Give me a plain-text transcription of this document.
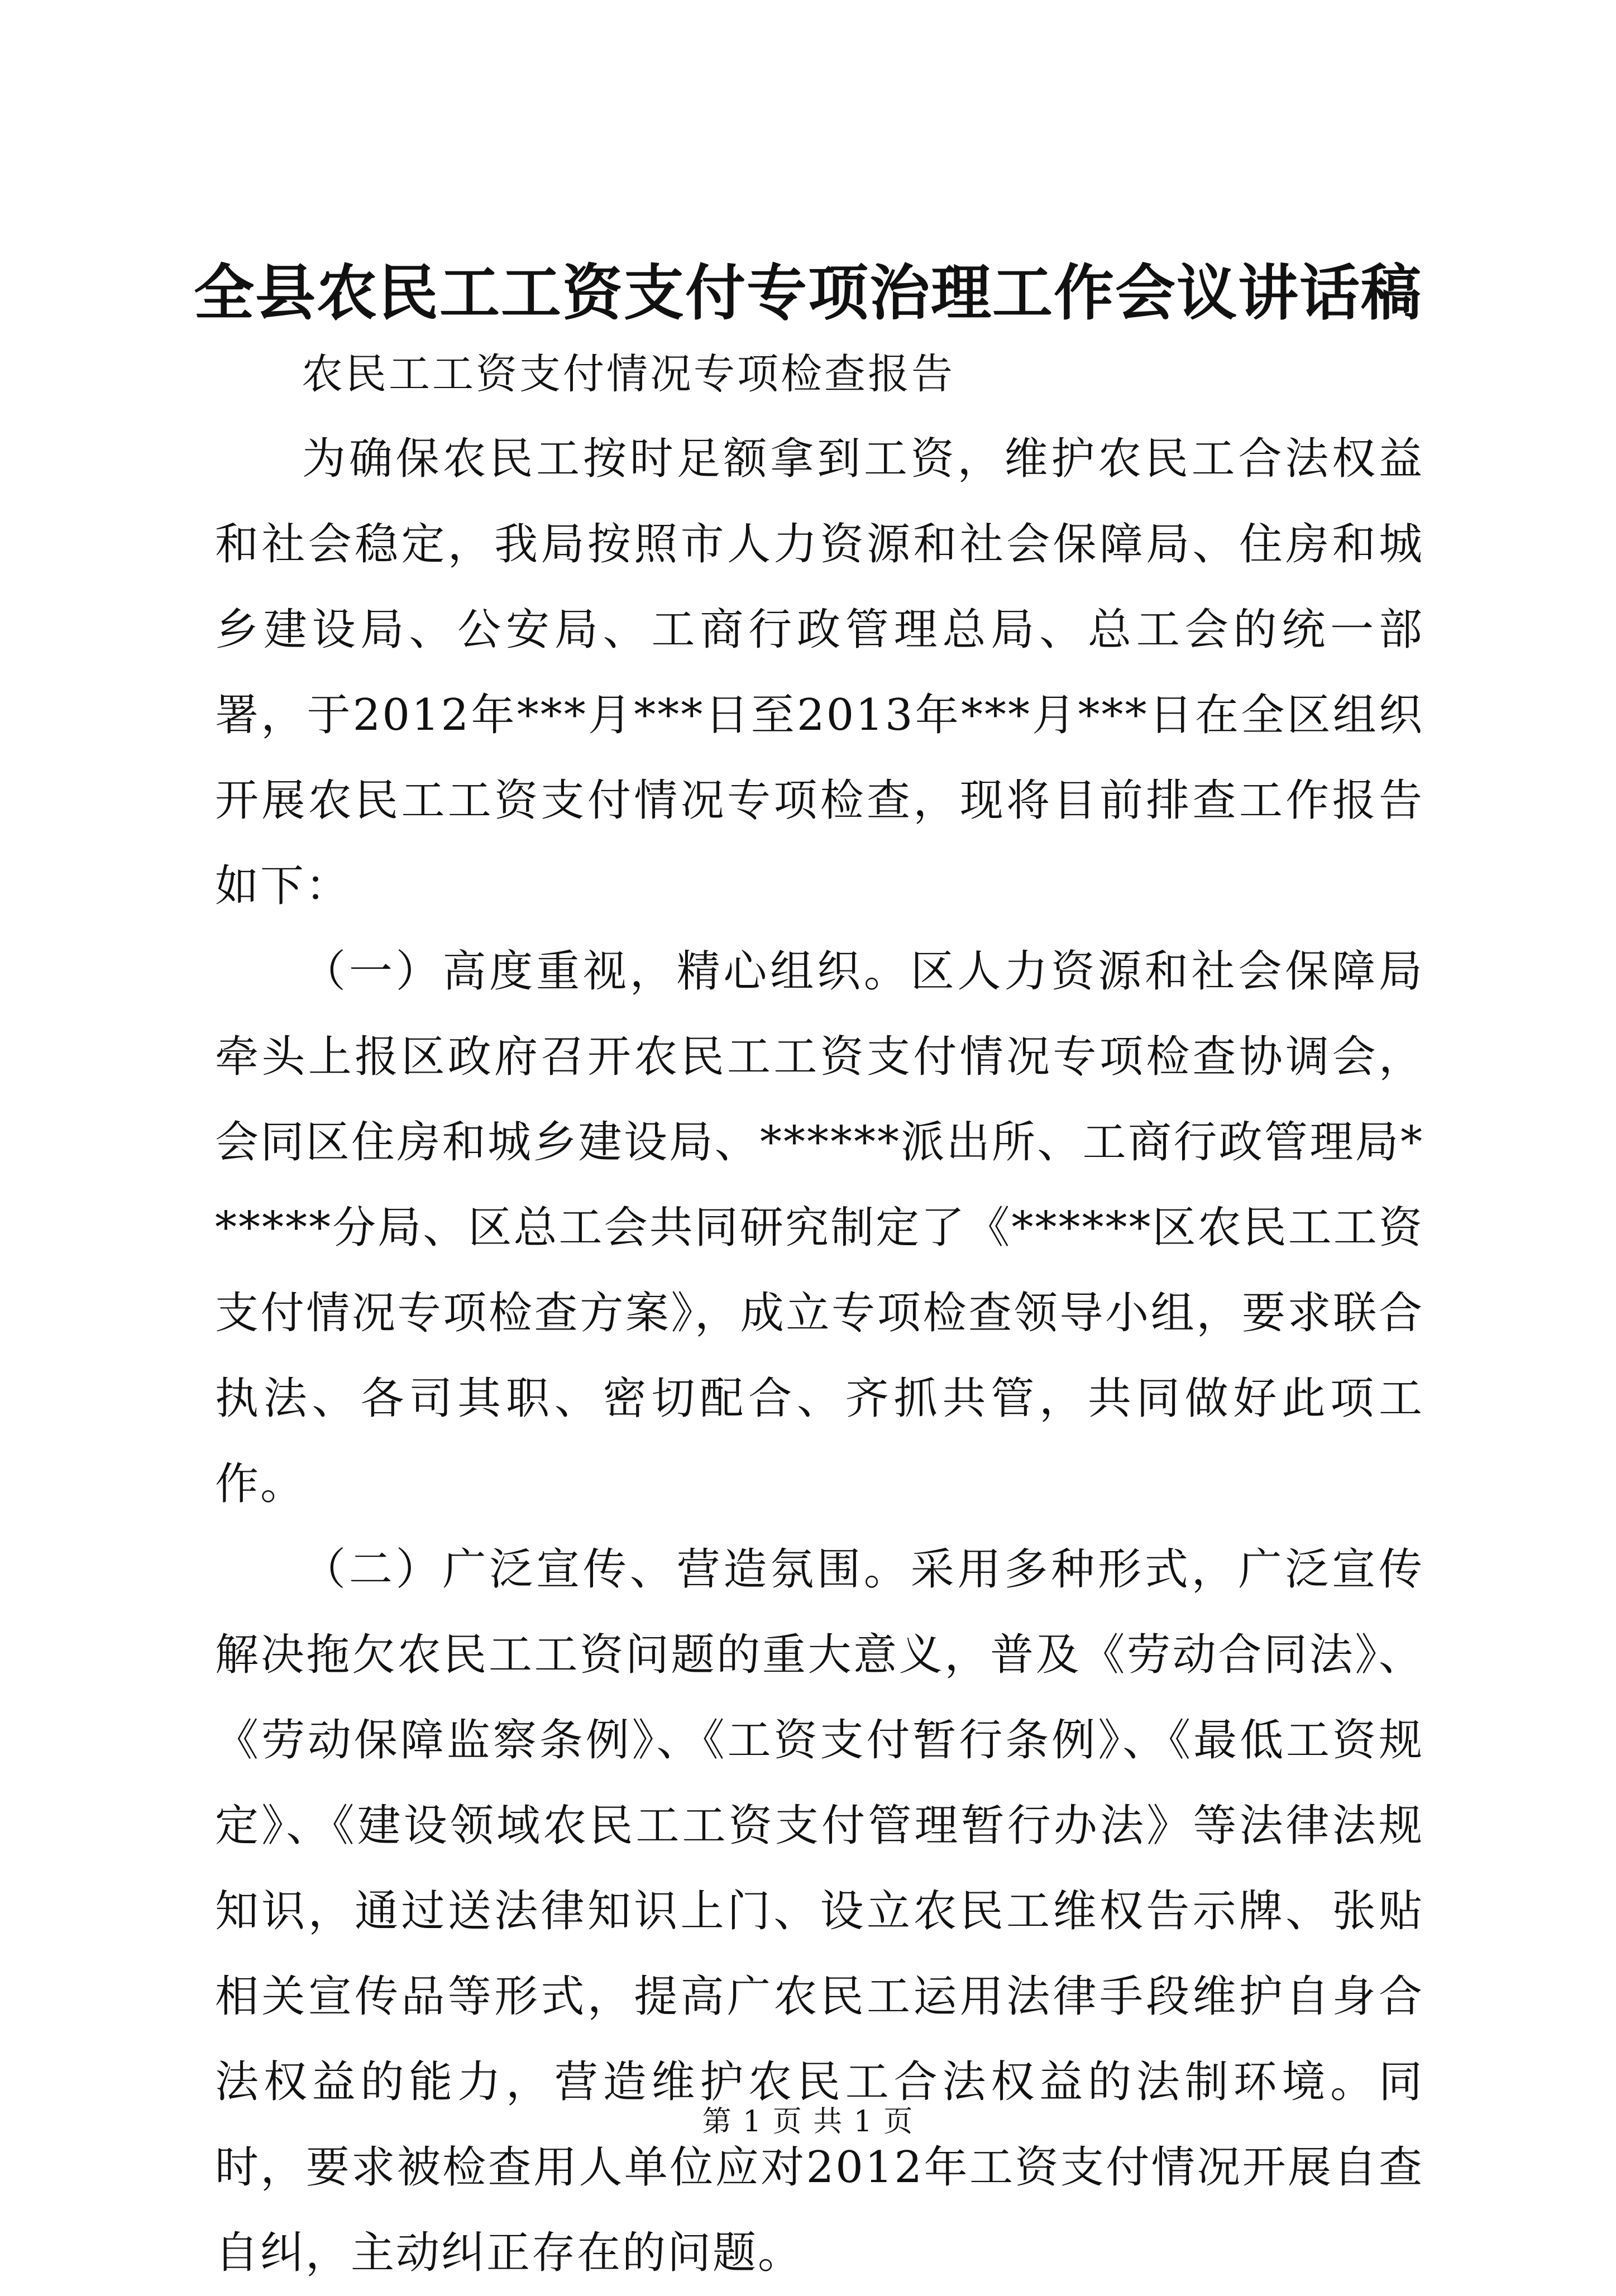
全县农民工工资支付专项治理工作会议讲话稿
农民工工资支付情况专项检查报告

为确保农民工按时足额拿到工资，维护农民工合法权益和社会稳定，我局按照市人力资源和社会保障局、住房和城乡建设局、公安局、工商行政管理总局、总工会的统一部署，于2012年***月***日至2013年***月***日在全区组织开展农民工工资支付情况专项检查，现将目前排查工作报告如下：

（一）高度重视，精心组织。区人力资源和社会保障局牵头上报区政府召开农民工工资支付情况专项检查协调会，会同区住房和城乡建设局、******派出所、工商行政管理局******分局、区总工会共同研究制定了《******区农民工工资支付情况专项检查方案》，成立专项检查领导小组，要求联合执法、各司其职、密切配合、齐抓共管，共同做好此项工作。

（二）广泛宣传、营造氛围。采用多种形式，广泛宣传解决拖欠农民工工资问题的重大意义，普及《劳动合同法》、《劳动保障监察条例》、《工资支付暂行条例》、《最低工资规定》、《建设领域农民工工资支付管理暂行办法》等法律法规知识，通过送法律知识上门、设立农民工维权告示牌、张贴相关宣传品等形式，提高广农民工运用法律手段维护自身合法权益的能力，营造维护农民工合法权益的法制环境。同时，要求被检查用人单位应对2012年工资支付情况开展自查自纠，主动纠正存在的问题。

第 1 页 共 1 页
